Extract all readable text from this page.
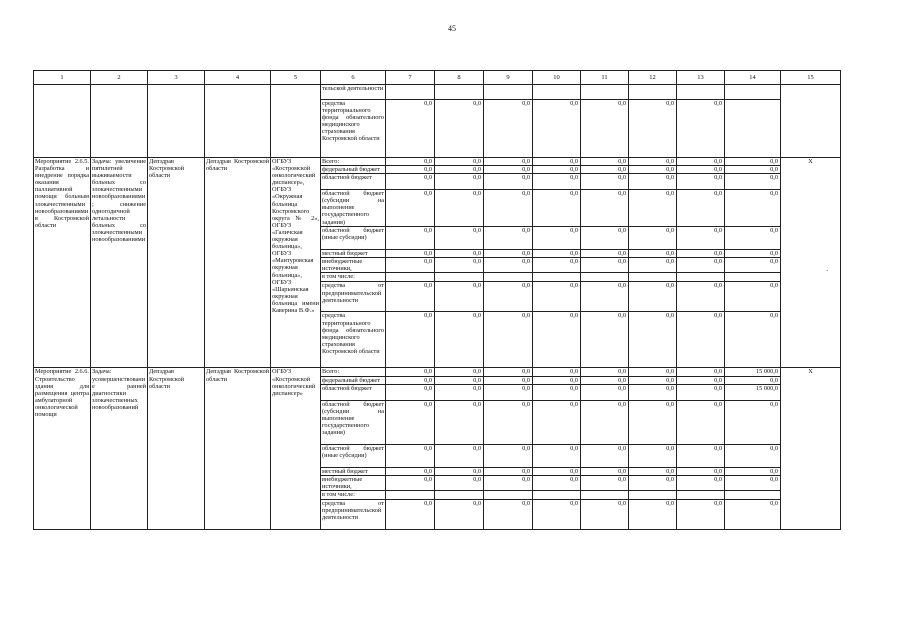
45
1	2	3	4	5	6	7	8	9	10	11	12	13	14	15
					тельской деятельности									
					средства территориального фонда обязательного медицинского страхования Костромской области	0,0	0,0	0,0	0,0	0,0	0,0	0,0		
Мероприятие 2.6.5. Разработка и внедрение порядка оказания паллиативной помощи больным злокачественными новообразованиями в Костромской области	Задача: увеличение пятилетней выживаемости больных со злокачественными новообразованиями; снижение одногодичной летальности больных со злокачественными новообразованиями	Депздрав Костромской области	Депздрав Костромской области	ОГБУЗ «Костромской онкологический диспансер», ОГБУЗ «Окружная больница Костромского округа № 2», ОГБУЗ «Галичская окружная больница», ОГБУЗ «Мантуровская окружная больница», ОГБУЗ «Шарьинская окружная больница имени Каверина В.Ф.»	Всего:	0,0	0,0	0,0	0,0	0,0	0,0	0,0	0,0	X
					федеральный бюджет	0,0	0,0	0,0	0,0	0,0	0,0	0,0	0,0	
					областной бюджет	0,0	0,0	0,0	0,0	0,0	0,0	0,0	0,0	
					областной бюджет (субсидии на выполнение государственного задания)	0,0	0,0	0,0	0,0	0,0	0,0	0,0	0,0	
					областной бюджет (иные субсидии)	0,0	0,0	0,0	0,0	0,0	0,0	0,0	0,0	
					местный бюджет	0,0	0,0	0,0	0,0	0,0	0,0	0,0	0,0	
					внебюджетные источники,	0,0	0,0	0,0	0,0	0,0	0,0	0,0	0,0	
					в том числе:									
					средства от предпринимательской деятельности	0,0	0,0	0,0	0,0	0,0	0,0	0,0	0,0	
					средства территориального фонда обязательного медицинского страхования Костромской области	0,0	0,0	0,0	0,0	0,0	0,0	0,0	0,0	
Мероприятие 2.6.6. Строительство здания для размещения центра амбулаторной онкологической помощи	Задача: усовершенствование ранней диагностики злокачественных новообразований	Депздрав Костромской области	Депздрав Костромской области	ОГБУЗ «Костромской онкологический диспансер»	Всего:	0,0	0,0	0,0	0,0	0,0	0,0	0,0	15 000,0	X
					федеральный бюджет	0,0	0,0	0,0	0,0	0,0	0,0	0,0	0,0	
					областной бюджет	0,0	0,0	0,0	0,0	0,0	0,0	0,0	15 000,0	
					областной бюджет (субсидии на выполнение государственного задания)	0,0	0,0	0,0	0,0	0,0	0,0	0,0	0,0	
					областной бюджет (иные субсидии)	0,0	0,0	0,0	0,0	0,0	0,0	0,0	0,0	
					местный бюджет	0,0	0,0	0,0	0,0	0,0	0,0	0,0	0,0	
					внебюджетные источники,	0,0	0,0	0,0	0,0	0,0	0,0	0,0	0,0	
					в том числе:									
					средства от предпринимательской деятельности	0,0	0,0	0,0	0,0	0,0	0,0	0,0	0,0	
·
